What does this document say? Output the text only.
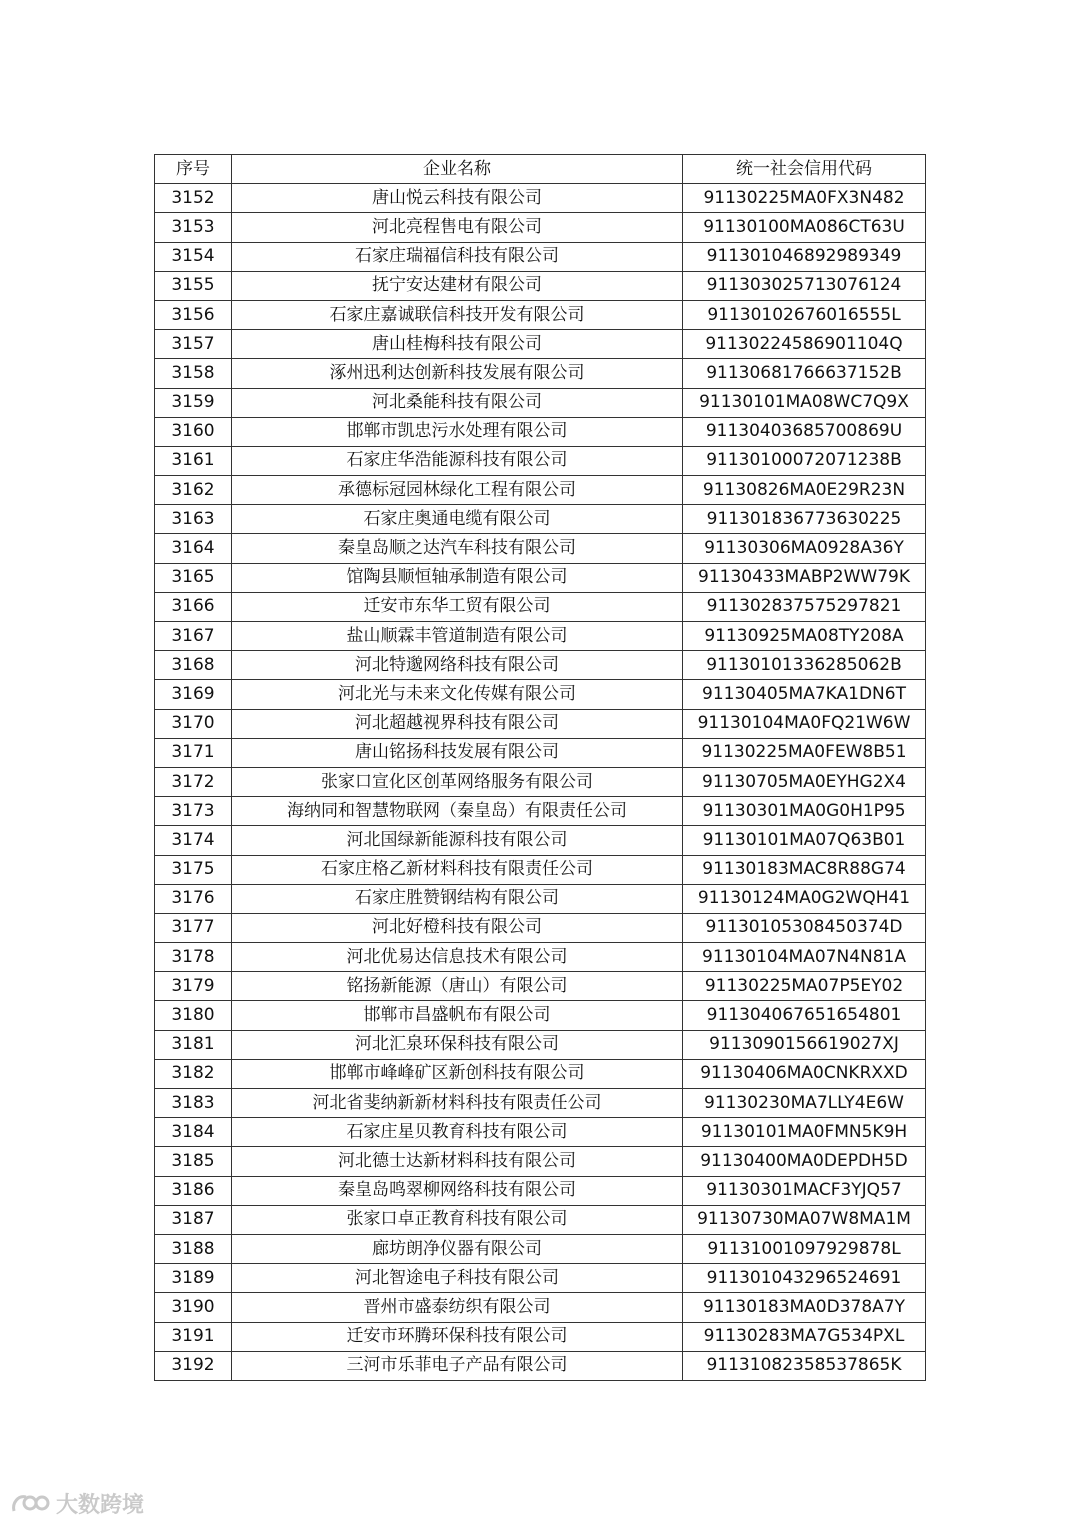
序号	企业名称	统一社会信用代码
3152	唐山悦云科技有限公司	91130225MA0FX3N482
3153	河北亮程售电有限公司	91130100MA086CT63U
3154	石家庄瑞福信科技有限公司	911301046892989349
3155	抚宁安达建材有限公司	911303025713076124
3156	石家庄嘉诚联信科技开发有限公司	91130102676016555L
3157	唐山桂梅科技有限公司	91130224586901104Q
3158	涿州迅利达创新科技发展有限公司	91130681766637152B
3159	河北桑能科技有限公司	91130101MA08WC7Q9X
3160	邯郸市凯忠污水处理有限公司	91130403685700869U
3161	石家庄华浩能源科技有限公司	91130100072071238B
3162	承德标冠园林绿化工程有限公司	91130826MA0E29R23N
3163	石家庄奥通电缆有限公司	911301836773630225
3164	秦皇岛顺之达汽车科技有限公司	91130306MA0928A36Y
3165	馆陶县顺恒轴承制造有限公司	91130433MABP2WW79K
3166	迁安市东华工贸有限公司	911302837575297821
3167	盐山顺霖丰管道制造有限公司	91130925MA08TY208A
3168	河北特邈网络科技有限公司	91130101336285062B
3169	河北光与未来文化传媒有限公司	91130405MA7KA1DN6T
3170	河北超越视界科技有限公司	91130104MA0FQ21W6W
3171	唐山铭扬科技发展有限公司	91130225MA0FEW8B51
3172	张家口宣化区创革网络服务有限公司	91130705MA0EYHG2X4
3173	海纳同和智慧物联网（秦皇岛）有限责任公司	91130301MA0G0H1P95
3174	河北国绿新能源科技有限公司	91130101MA07Q63B01
3175	石家庄格乙新材料科技有限责任公司	91130183MAC8R88G74
3176	石家庄胜赞钢结构有限公司	91130124MA0G2WQH41
3177	河北好橙科技有限公司	91130105308450374D
3178	河北优易达信息技术有限公司	91130104MA07N4N81A
3179	铭扬新能源（唐山）有限公司	91130225MA07P5EY02
3180	邯郸市昌盛帆布有限公司	911304067651654801
3181	河北汇泉环保科技有限公司	9113090156619027XJ
3182	邯郸市峰峰矿区新创科技有限公司	91130406MA0CNKRXXD
3183	河北省斐纳新新材料科技有限责任公司	91130230MA7LLY4E6W
3184	石家庄星贝教育科技有限公司	91130101MA0FMN5K9H
3185	河北德士达新材料科技有限公司	91130400MA0DEPDH5D
3186	秦皇岛鸣翠柳网络科技有限公司	91130301MACF3YJQ57
3187	张家口卓正教育科技有限公司	91130730MA07W8MA1M
3188	廊坊朗净仪器有限公司	91131001097929878L
3189	河北智途电子科技有限公司	911301043296524691
3190	晋州市盛泰纺织有限公司	91130183MA0D378A7Y
3191	迁安市环腾环保科技有限公司	91130283MA7G534PXL
3192	三河市乐菲电子产品有限公司	91131082358537865K
大数跨境
